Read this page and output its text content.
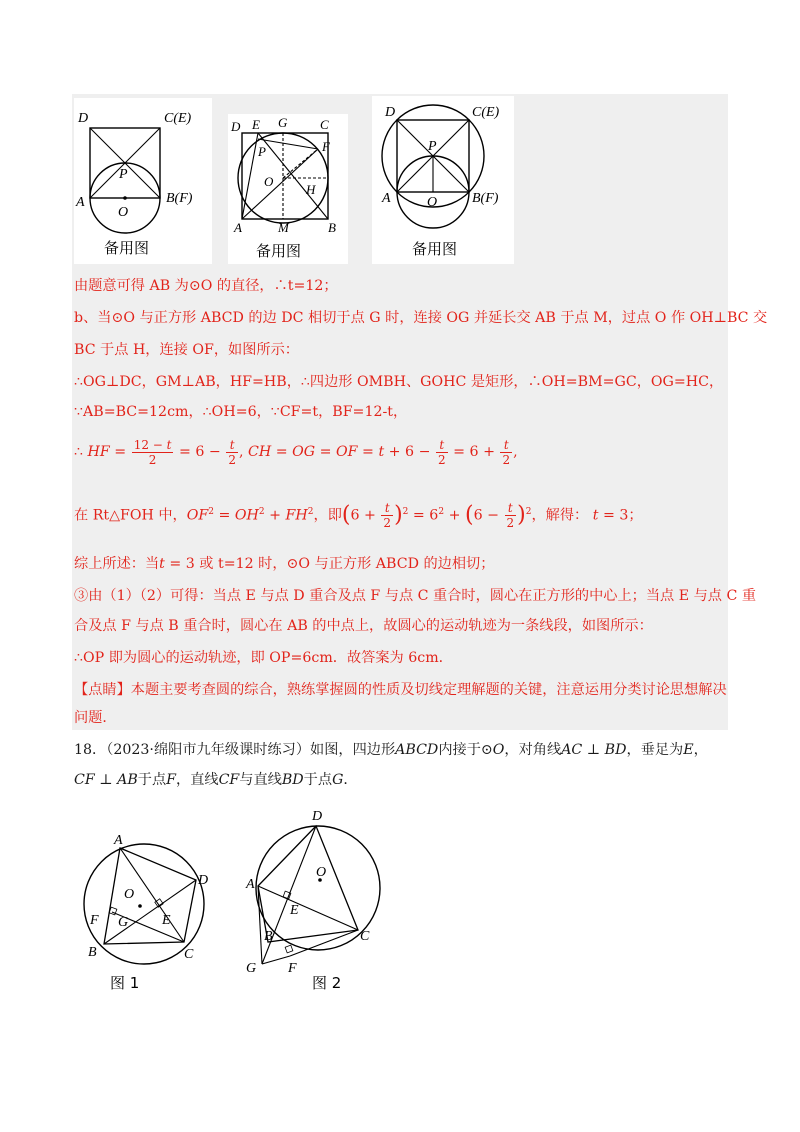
D	C(E)
A	B(F)
P
O
备用图
D E G	C
P	F
O
H
A	M	B
备用图
D	C(E)
P
A	O B(F)
备用图
由题意可得 AB 为⊙O 的直径，∴t=12；
b、当⊙O 与正方形 ABCD 的边 DC 相切于点 G 时，连接 OG 并延长交 AB 于点 M，过点 O 作 OH⊥BC 交
BC 于点 H，连接 OF，如图所示：
∴OG⊥DC，GM⊥AB，HF=HB，∴四边形 OMBH、GOHC 是矩形，∴OH=BM=GC，OG=HC，
∵AB=BC=12cm，∴OH=6，∵CF=t，BF=12-t，
∴ HF = $\frac{12 - t}{2} = 6 - \frac{t}{2}$ , CH = OG = OF = $t + 6 - \frac{t}{2} = 6 + \frac{t}{2}$ ,
在 Rt△FOH 中，$OF^2 = OH^2 + FH^2$，即$(6 + \frac{t}{2} )^2 = 6^2 + (6 - \frac{t}{2} )^2$，解得： t = 3；
综上所述：当t = 3 或 t=12 时，⊙O 与正方形 ABCD 的边相切；
③由（1）（2）可得：当点 E 与点 D 重合及点 F 与点 C 重合时，圆心在正方形的中心上；当点 E 与点 C 重
合及点 F 与点 B 重合时，圆心在 AB 的中点上，故圆心的运动轨迹为一条线段，如图所示：
∴OP 即为圆心的运动轨迹，即 OP=6cm．故答案为 6cm．
【点睛】本题主要考查圆的综合，熟练掌握圆的性质及切线定理解题的关键，注意运用分类讨论思想解决
问题．
18．（2023·绵阳市九年级课时练习）如图，四边形ABCD内接于⊙O，对角线AC ⊥ BD，垂足为E，
CF ⊥ AB于点F，直线CF与直线BD于点G．
A
D
O
E
F G
B	C
图 1
D
A
O
E
B	C
G F
图 2
